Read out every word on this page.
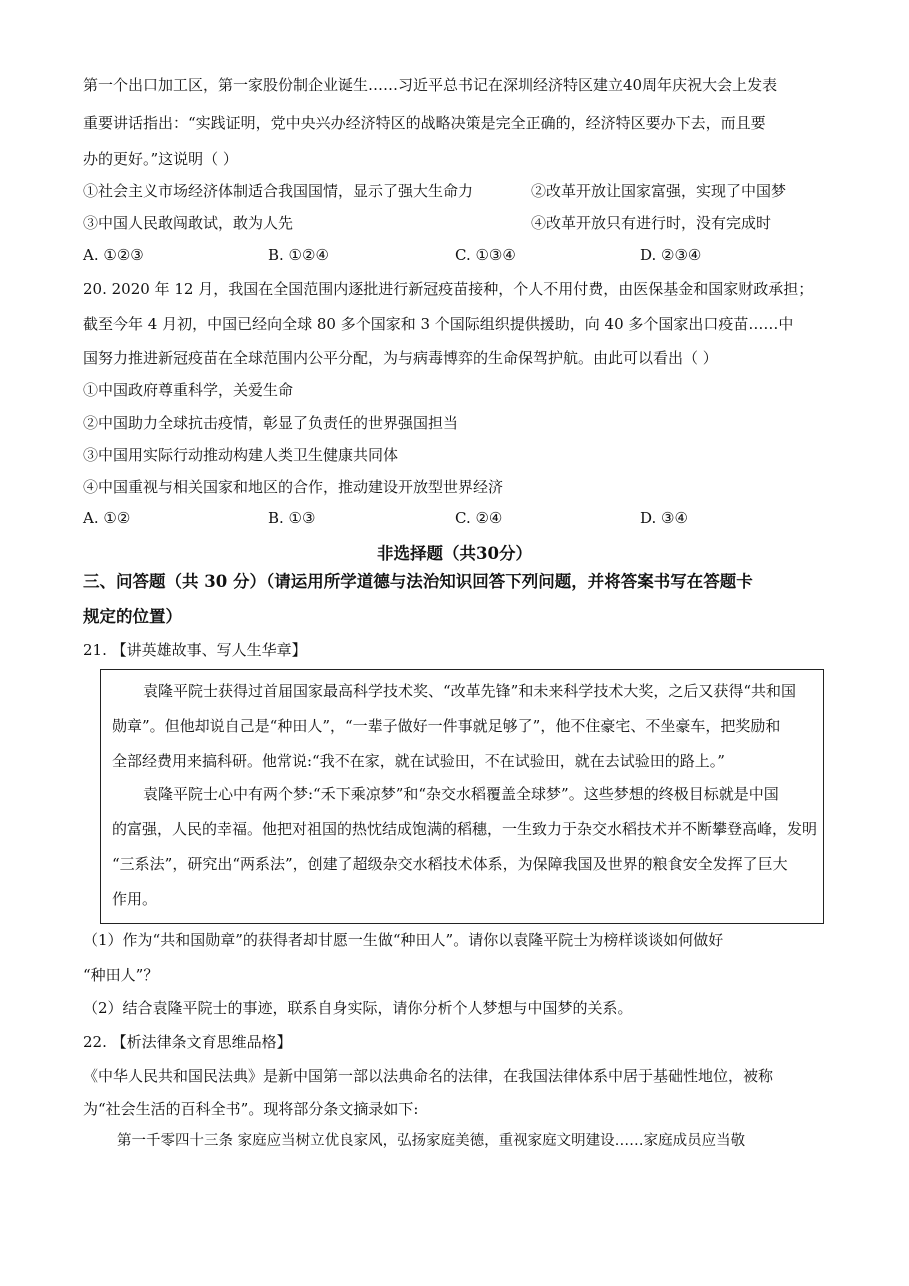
第一个出口加工区，第一家股份制企业诞生……习近平总书记在深圳经济特区建立40周年庆祝大会上发表
重要讲话指出：“实践证明，党中央兴办经济特区的战略决策是完全正确的，经济特区要办下去，而且要
办的更好。”这说明（ ）
①社会主义市场经济体制适合我国国情，显示了强大生命力	②改革开放让国家富强，实现了中国梦
③中国人民敢闯敢试，敢为人先	④改革开放只有进行时，没有完成时
A. ①②③	B. ①②④	C. ①③④	D. ②③④
20. 2020 年 12 月，我国在全国范围内逐批进行新冠疫苗接种，个人不用付费，由医保基金和国家财政承担；
截至今年 4 月初，中国已经向全球 80 多个国家和 3 个国际组织提供援助，向 40 多个国家出口疫苗……中
国努力推进新冠疫苗在全球范围内公平分配，为与病毒博弈的生命保驾护航。由此可以看出（ ）
①中国政府尊重科学，关爱生命
②中国助力全球抗击疫情，彰显了负责任的世界强国担当
③中国用实际行动推动构建人类卫生健康共同体
④中国重视与相关国家和地区的合作，推动建设开放型世界经济
A. ①②	B. ①③	C. ②④	D. ③④
非选择题（共30分）
三、问答题（共 30 分）（请运用所学道德与法治知识回答下列问题，并将答案书写在答题卡
规定的位置）
21. 【讲英雄故事、写人生华章】
袁隆平院士获得过首届国家最高科学技术奖、“改革先锋”和未来科学技术大奖，之后又获得“共和国
勋章”。但他却说自己是“种田人”，“一辈子做好一件事就足够了”，他不住豪宅、不坐豪车，把奖励和
全部经费用来搞科研。他常说:“我不在家，就在试验田，不在试验田，就在去试验田的路上。”
袁隆平院士心中有两个梦:“禾下乘凉梦”和“杂交水稻覆盖全球梦”。这些梦想的终极目标就是中国
的富强，人民的幸福。他把对祖国的热忱结成饱满的稻穗，一生致力于杂交水稻技术并不断攀登高峰，发明
“三系法”，研究出“两系法”，创建了超级杂交水稻技术体系，为保障我国及世界的粮食安全发挥了巨大
作用。
（1）作为“共和国勋章”的获得者却甘愿一生做“种田人”。请你以袁隆平院士为榜样谈谈如何做好
“种田人”？
（2）结合袁隆平院士的事迹，联系自身实际，请你分析个人梦想与中国梦的关系。
22. 【析法律条文育思维品格】
《中华人民共和国民法典》是新中国第一部以法典命名的法律，在我国法律体系中居于基础性地位，被称
为“社会生活的百科全书”。现将部分条文摘录如下:
第一千零四十三条 家庭应当树立优良家风，弘扬家庭美德，重视家庭文明建设……家庭成员应当敬
